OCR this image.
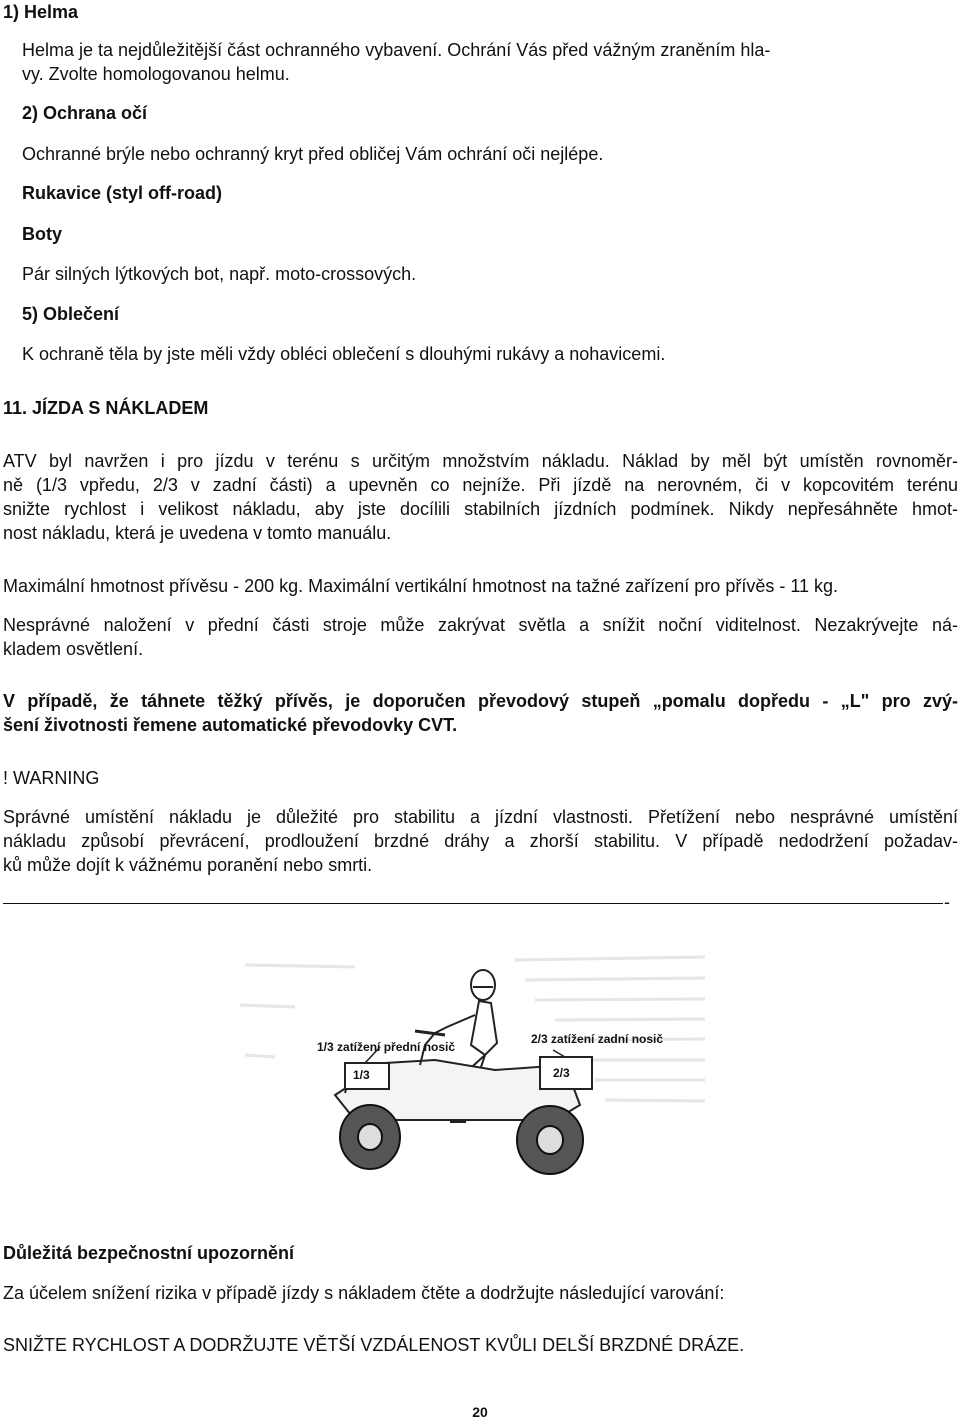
1) Helma
Helma je ta nejdůležitější část ochranného vybavení. Ochrání Vás před vážným zraněním hla-
vy. Zvolte homologovanou helmu.
2) Ochrana očí
Ochranné brýle nebo ochranný kryt před obličej Vám ochrání oči nejlépe.
Rukavice (styl off-road)
Boty
Pár silných lýtkových bot, např. moto-crossových.
5) Oblečení
K ochraně těla by jste měli vždy obléci oblečení s dlouhými rukávy a nohavicemi.
11. JÍZDA S NÁKLADEM
ATV byl navržen i pro jízdu v terénu s určitým množstvím nákladu. Náklad by měl být umístěn rovnoměr-
ně (1/3 vpředu, 2/3 v zadní části) a upevněn co nejníže. Při jízdě na nerovném, či v kopcovitém terénu
snižte rychlost i velikost nákladu, aby jste docílili stabilních jízdních podmínek. Nikdy nepřesáhněte hmot-
nost nákladu, která je uvedena v tomto manuálu.
Maximální hmotnost přívěsu - 200 kg. Maximální vertikální hmotnost na tažné zařízení pro přívěs - 11 kg.
Nesprávné naložení v přední části stroje může zakrývat světla a snížit noční viditelnost. Nezakrývejte ná-
kladem osvětlení.
V případě, že táhnete těžký přívěs, je doporučen převodový stupeň „pomalu dopředu - „L" pro zvý-
šení životnosti řemene automatické převodovky CVT.
! WARNING
Správné umístění nákladu je důležité pro stabilitu a jízdní vlastnosti. Přetížení nebo nesprávné umístění
nákladu způsobí převrácení, prodloužení brzdné dráhy a zhorší stabilitu. V případě nedodržení požadav-
ků může dojít k vážnému poranění nebo smrti.
-
1/3 zatížení přední nosič
2/3 zatížení zadní nosič
1/3	2/3
Důležitá bezpečnostní upozornění
Za účelem snížení rizika v případě jízdy s nákladem čtěte a dodržujte následující varování:
SNIŽTE RYCHLOST A DODRŽUJTE VĚTŠÍ VZDÁLENOST KVŮLI DELŠÍ BRZDNÉ DRÁZE.
20
